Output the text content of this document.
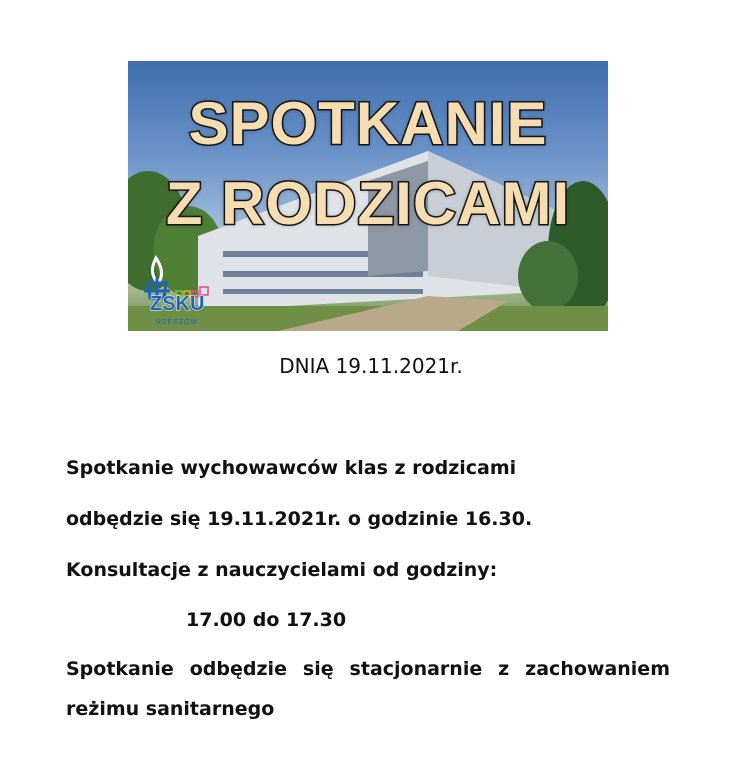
SPOTKANIE
Z RODZICAMI
ZSKU
RZESZÓW
DNIA 19.11.2021r.
Spotkanie wychowawców klas z rodzicami
odbędzie się 19.11.2021r. o godzinie 16.30.
Konsultacje z nauczycielami od godziny:
17.00 do 17.30
Spotkanie odbędzie się stacjonarnie z zachowaniem
reżimu sanitarnego
